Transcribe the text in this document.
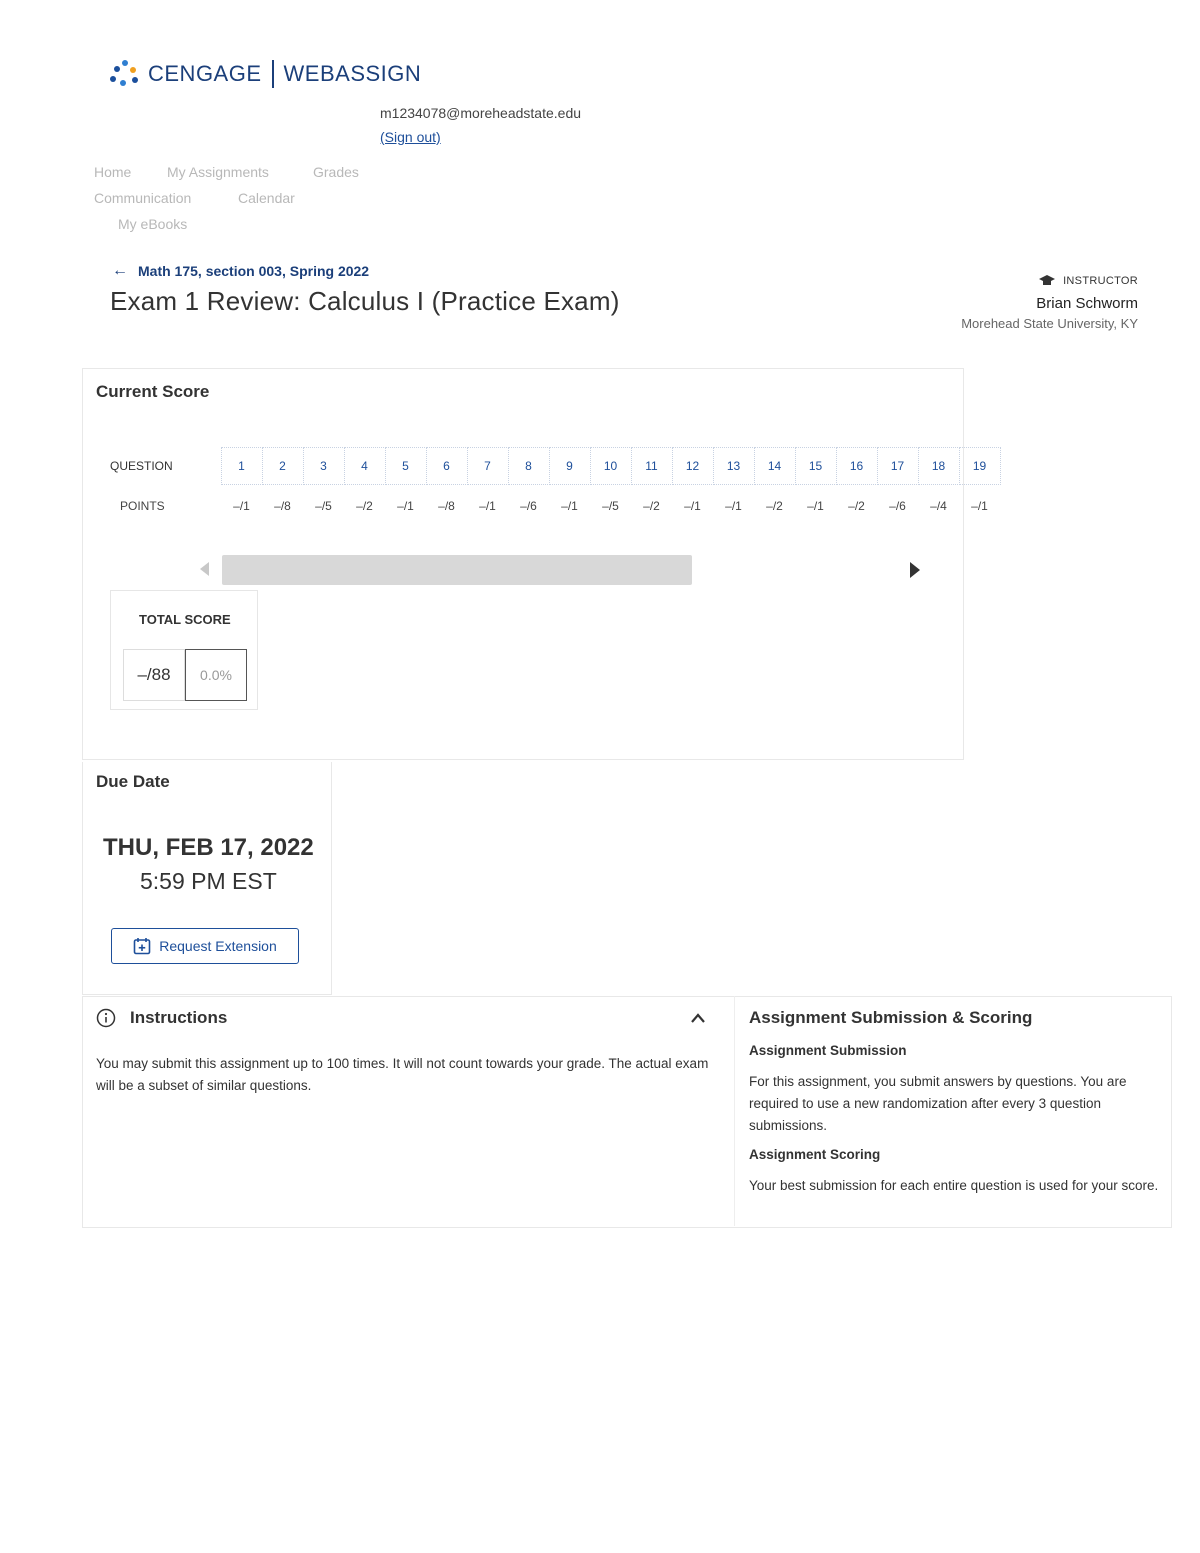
CENGAGE WEBASSIGN
m1234078@moreheadstate.edu
(Sign out)
Home	My Assignments	Grades
Communication	Calendar
My eBooks
← Math 175, section 003, Spring 2022
Exam 1 Review: Calculus I (Practice Exam)
INSTRUCTOR
Brian Schworm
Morehead State University, KY
Current Score
QUESTION	1	2	3	4	5	6	7	8	9	10	11	12	13	14	15	16	17	18	19
POINTS	–/1	–/8	–/5	–/2	–/1	–/8	–/1	–/6	–/1	–/5	–/2	–/1	–/1	–/2	–/1	–/2	–/6	–/4	–/1
TOTAL SCORE
–/88	0.0%
Due Date
THU, FEB 17, 2022
5:59 PM EST
Request Extension
Instructions
You may submit this assignment up to 100 times. It will not count towards your grade. The actual exam will be a subset of similar questions.
Assignment Submission & Scoring
Assignment Submission
For this assignment, you submit answers by questions. You are required to use a new randomization after every 3 question submissions.
Assignment Scoring
Your best submission for each entire question is used for your score.
